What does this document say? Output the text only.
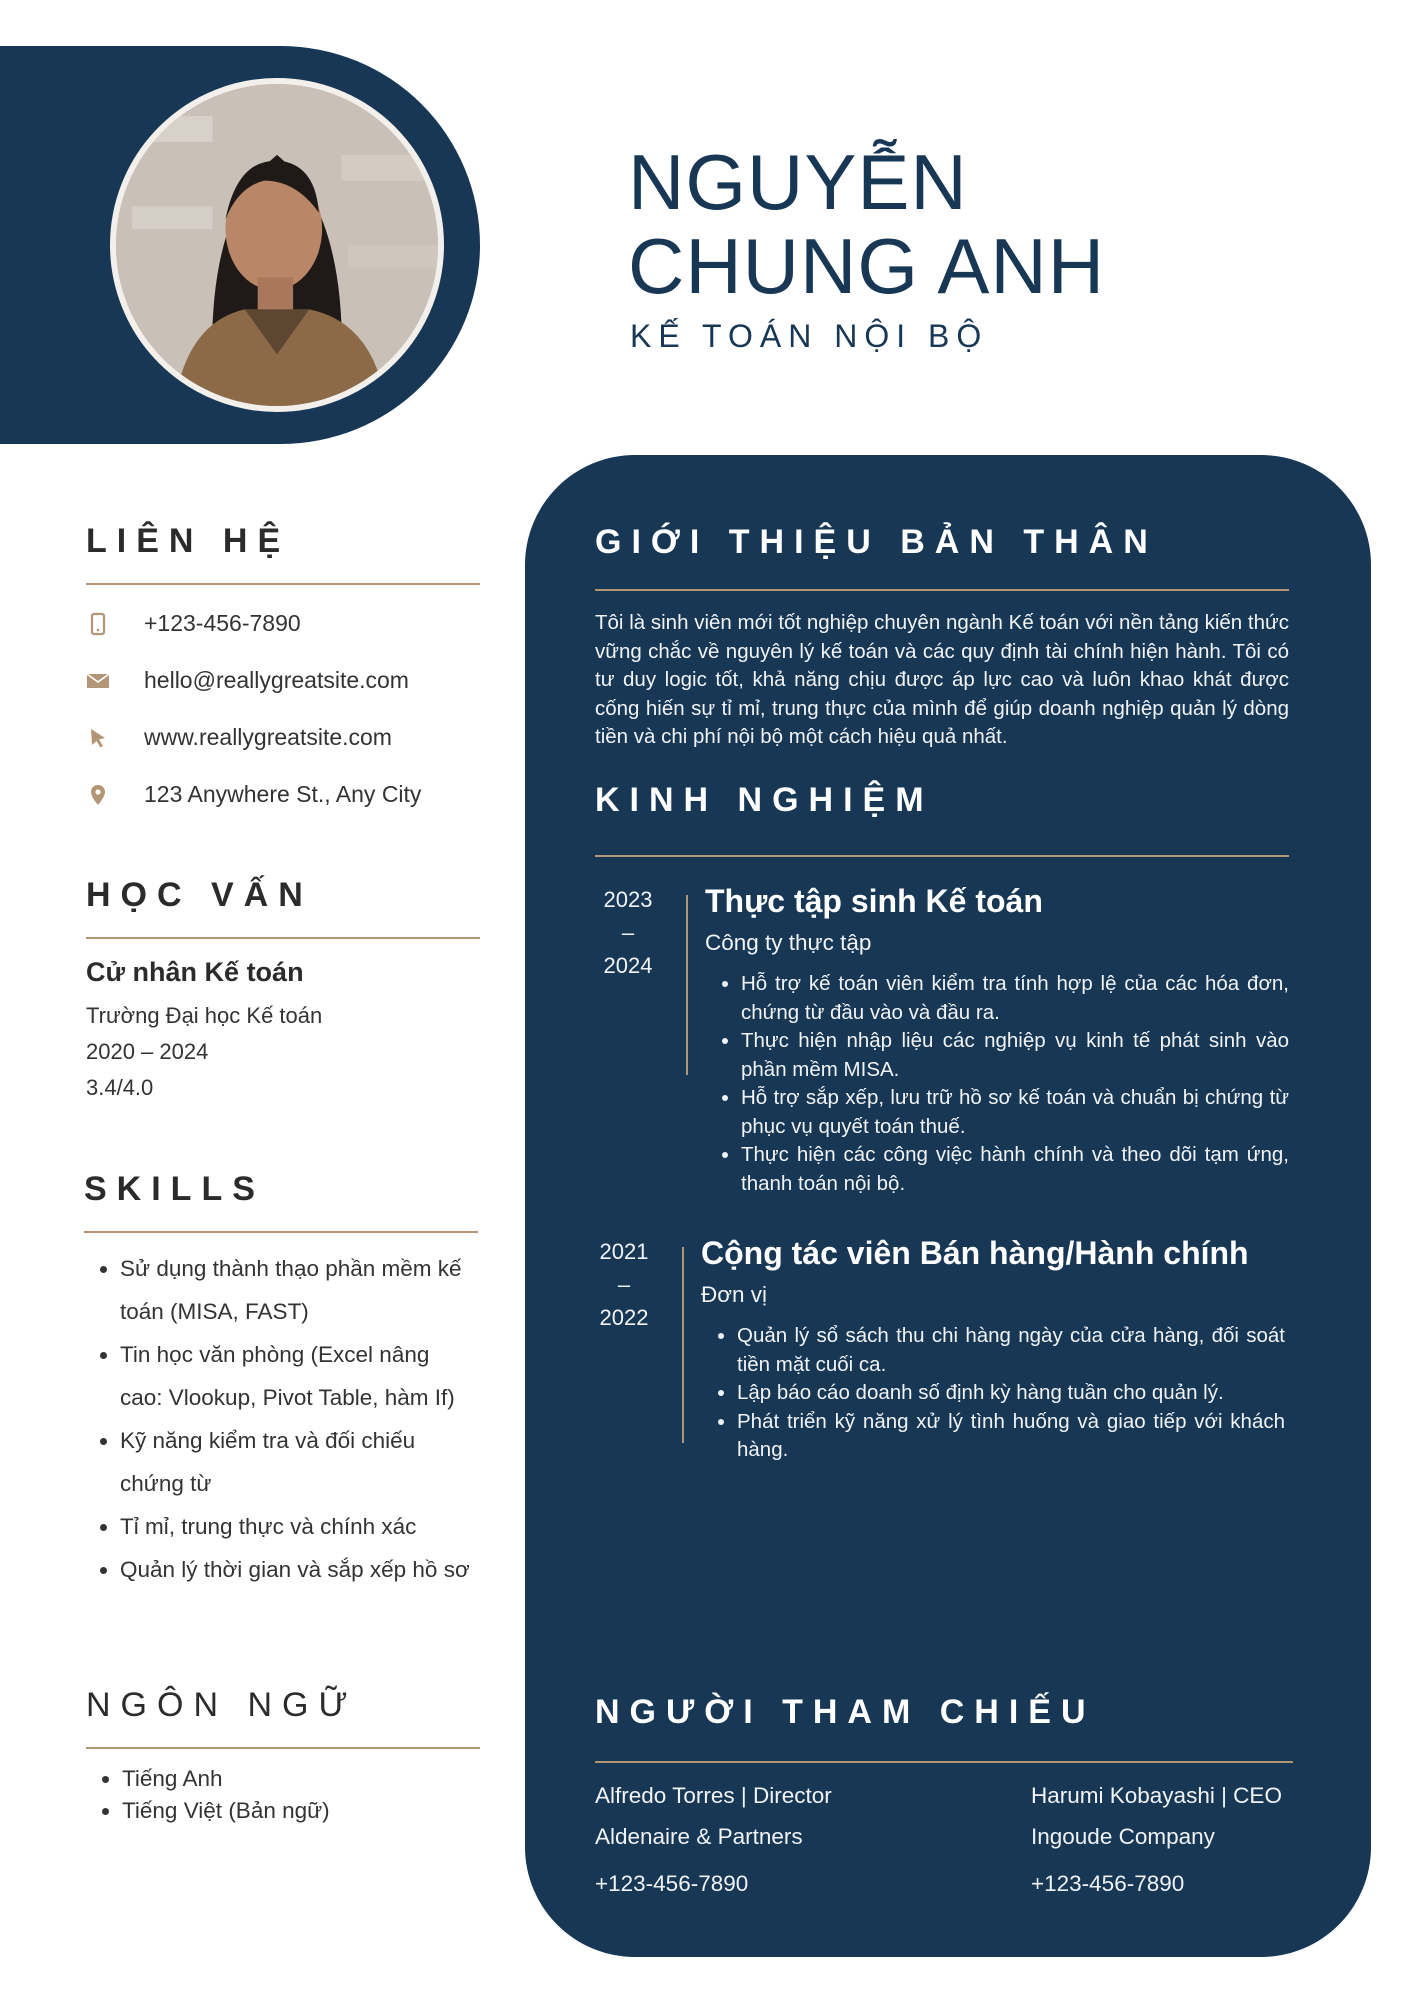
NGUYỄN
CHUNG ANH
KẾ TOÁN NỘI BỘ
LIÊN HỆ
+123-456-7890
hello@reallygreatsite.com
www.reallygreatsite.com
123 Anywhere St., Any City
HỌC VẤN

Cử nhân Kế toán

Trường Đại học Kế toán

2020 – 2024

3.4/4.0

SKILLS
• Sử dụng thành thạo phần mềm kế toán (MISA, FAST)
• Tin học văn phòng (Excel nâng cao: Vlookup, Pivot Table, hàm If)
• Kỹ năng kiểm tra và đối chiếu chứng từ
• Tỉ mỉ, trung thực và chính xác
• Quản lý thời gian và sắp xếp hồ sơ
NGÔN NGỮ
• Tiếng Anh
• Tiếng Việt (Bản ngữ)
GIỚI THIỆU BẢN THÂN

Tôi là sinh viên mới tốt nghiệp chuyên ngành Kế toán với nền tảng kiến thức vững chắc về nguyên lý kế toán và các quy định tài chính hiện hành. Tôi có tư duy logic tốt, khả năng chịu được áp lực cao và luôn khao khát được cống hiến sự tỉ mỉ, trung thực của mình để giúp doanh nghiệp quản lý dòng tiền và chi phí nội bộ một cách hiệu quả nhất.

KINH NGHIỆM
2023
–
2024

Thực tập sinh Kế toán

Công ty thực tập

• Hỗ trợ kế toán viên kiểm tra tính hợp lệ của các hóa đơn, chứng từ đầu vào và đầu ra.
• Thực hiện nhập liệu các nghiệp vụ kinh tế phát sinh vào phần mềm MISA.
• Hỗ trợ sắp xếp, lưu trữ hồ sơ kế toán và chuẩn bị chứng từ phục vụ quyết toán thuế.
• Thực hiện các công việc hành chính và theo dõi tạm ứng, thanh toán nội bộ.
2021
–
2022

Cộng tác viên Bán hàng/Hành chính

Đơn vị

• Quản lý sổ sách thu chi hàng ngày của cửa hàng, đối soát tiền mặt cuối ca.
• Lập báo cáo doanh số định kỳ hàng tuần cho quản lý.
• Phát triển kỹ năng xử lý tình huống và giao tiếp với khách hàng.
NGƯỜI THAM CHIẾU
Alfredo Torres | Director
Aldenaire & Partners
+123-456-7890
Harumi Kobayashi | CEO
Ingoude Company
+123-456-7890
